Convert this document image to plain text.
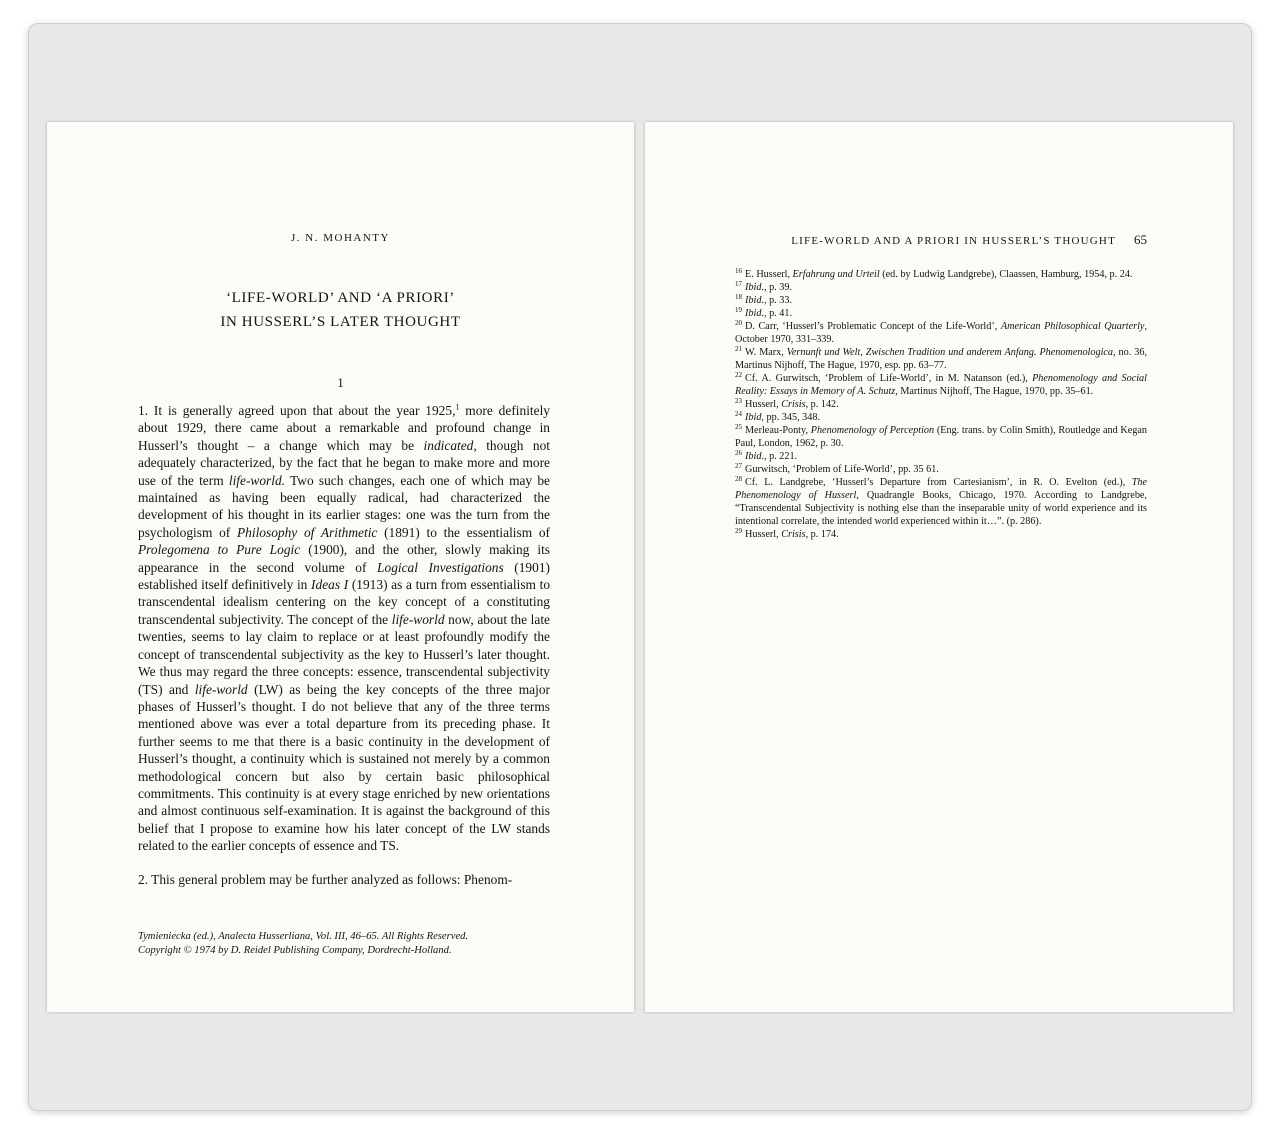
J. N. MOHANTY
‘LIFE-WORLD’ AND ‘A PRIORI’
IN HUSSERL’S LATER THOUGHT
1

1. It is generally agreed upon that about the year 1925,$^1$ more definitely about 1929, there came about a remarkable and profound change in Husserl’s thought – a change which may be indicated, though not adequately characterized, by the fact that he began to make more and more use of the term life-world. Two such changes, each one of which may be maintained as having been equally radical, had characterized the development of his thought in its earlier stages: one was the turn from the psychologism of Philosophy of Arithmetic (1891) to the essentialism of Prolegomena to Pure Logic (1900), and the other, slowly making its appearance in the second volume of Logical Investigations (1901) established itself definitively in Ideas I (1913) as a turn from essentialism to transcendental idealism centering on the key concept of a constituting transcendental subjectivity. The concept of the life-world now, about the late twenties, seems to lay claim to replace or at least profoundly modify the concept of transcendental subjectivity as the key to Husserl’s later thought. We thus may regard the three concepts: essence, transcendental subjectivity (TS) and life-world (LW) as being the key concepts of the three major phases of Husserl’s thought. I do not believe that any of the three terms mentioned above was ever a total departure from its preceding phase. It further seems to me that there is a basic continuity in the development of Husserl’s thought, a continuity which is sustained not merely by a common methodological concern but also by certain basic philosophical commitments. This continuity is at every stage enriched by new orientations and almost continuous self-examination. It is against the background of this belief that I propose to examine how his later concept of the LW stands related to the earlier concepts of essence and TS.

2. This general problem may be further analyzed as follows: Phenom-

Tymieniecka (ed.), Analecta Husserliana, Vol. III, 46–65. All Rights Reserved.
Copyright © 1974 by D. Reidel Publishing Company, Dordrecht-Holland.
LIFE-WORLD AND A PRIORI IN HUSSERL’S THOUGHT 65

$^{16}$ E. Husserl, Erfahrung und Urteil (ed. by Ludwig Landgrebe), Claassen, Hamburg, 1954, p. 24.

$^{17}$ Ibid., p. 39.

$^{18}$ Ibid., p. 33.

$^{19}$ Ibid., p. 41.

$^{20}$ D. Carr, ‘Husserl’s Problematic Concept of the Life-World’, American Philosophical Quarterly, October 1970, 331–339.

$^{21}$ W. Marx, Vernunft und Welt, Zwischen Tradition und anderem Anfang. Phenomenologica, no. 36, Martinus Nijhoff, The Hague, 1970, esp. pp. 63–77.

$^{22}$ Cf. A. Gurwitsch, ‘Problem of Life-World’, in M. Natanson (ed.), Phenomenology and Social Reality: Essays in Memory of A. Schutz, Martinus Nijhoff, The Hague, 1970, pp. 35–61.

$^{23}$ Husserl, Crisis, p. 142.

$^{24}$ Ibid, pp. 345, 348.

$^{25}$ Merleau-Ponty, Phenomenology of Perception (Eng. trans. by Colin Smith), Routledge and Kegan Paul, London, 1962, p. 30.

$^{26}$ Ibid., p. 221.

$^{27}$ Gurwitsch, ‘Problem of Life-World’, pp. 35 61.

$^{28}$ Cf. L. Landgrebe, ‘Husserl’s Departure from Cartesianism’, in R. O. Evelton (ed.), The Phenomenology of Husserl, Quadrangle Books, Chicago, 1970. According to Landgrebe, “Transcendental Subjectivity is nothing else than the inseparable unity of world experience and its intentional correlate, the intended world experienced within it…”. (p. 286).

$^{29}$ Husserl, Crisis, p. 174.
